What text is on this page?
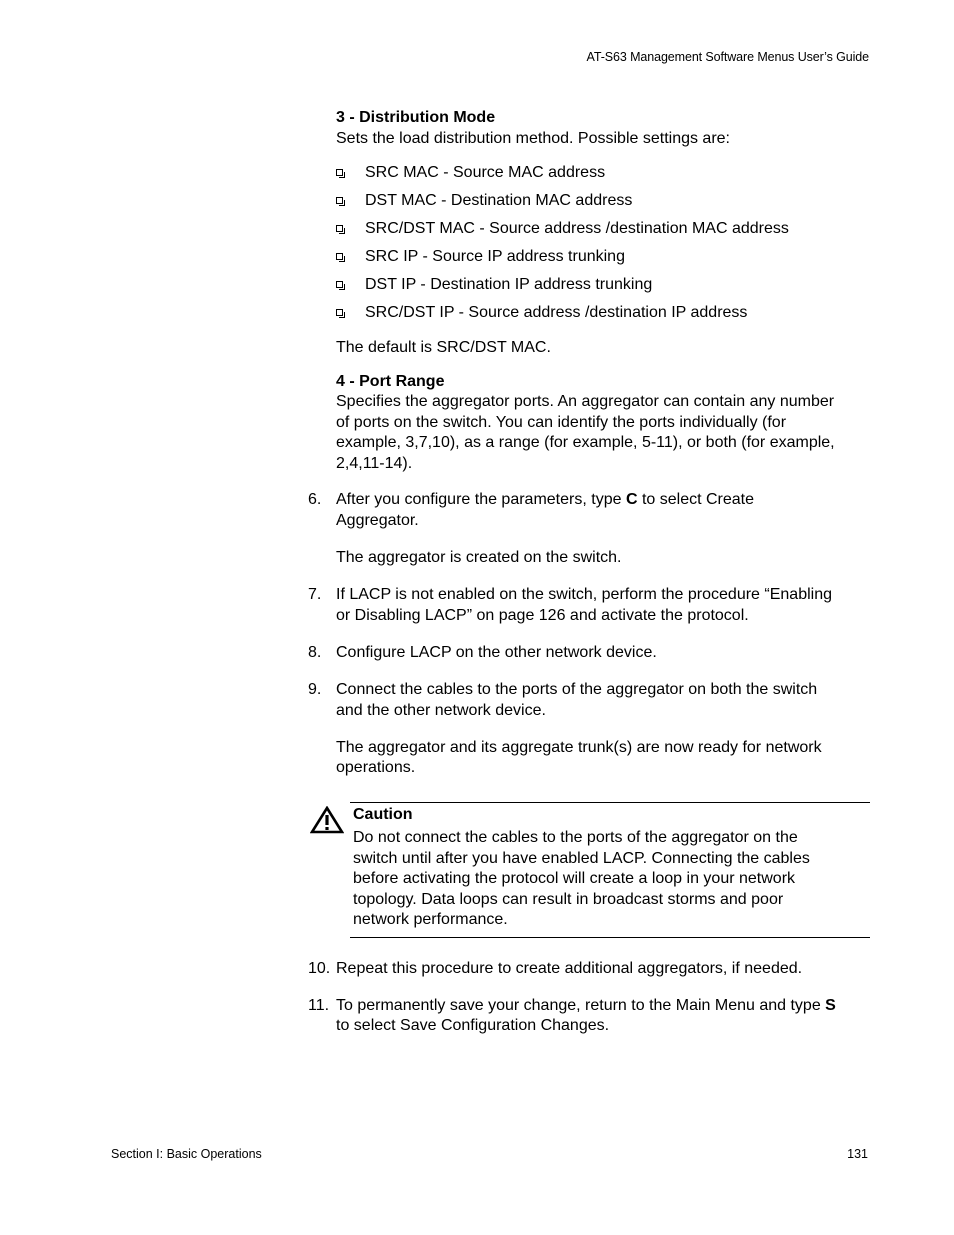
AT-S63 Management Software Menus User’s Guide
3 - Distribution Mode
Sets the load distribution method. Possible settings are:
SRC MAC - Source MAC address
DST MAC - Destination MAC address
SRC/DST MAC - Source address /destination MAC address
SRC IP - Source IP address trunking
DST IP - Destination IP address trunking
SRC/DST IP - Source address /destination IP address
The default is SRC/DST MAC.
4 - Port Range
Specifies the aggregator ports. An aggregator can contain any number
of ports on the switch. You can identify the ports individually (for
example, 3,7,10), as a range (for example, 5-11), or both (for example,
2,4,11-14).
6. After you configure the parameters, type C to select Create
Aggregator.
The aggregator is created on the switch.
7. If LACP is not enabled on the switch, perform the procedure “Enabling
or Disabling LACP” on page 126 and activate the protocol.
8. Configure LACP on the other network device.
9. Connect the cables to the ports of the aggregator on both the switch
and the other network device.
The aggregator and its aggregate trunk(s) are now ready for network
operations.
Caution
Do not connect the cables to the ports of the aggregator on the
switch until after you have enabled LACP. Connecting the cables
before activating the protocol will create a loop in your network
topology. Data loops can result in broadcast storms and poor
network performance.
10. Repeat this procedure to create additional aggregators, if needed.
11. To permanently save your change, return to the Main Menu and type S
to select Save Configuration Changes.
Section I: Basic Operations	131
